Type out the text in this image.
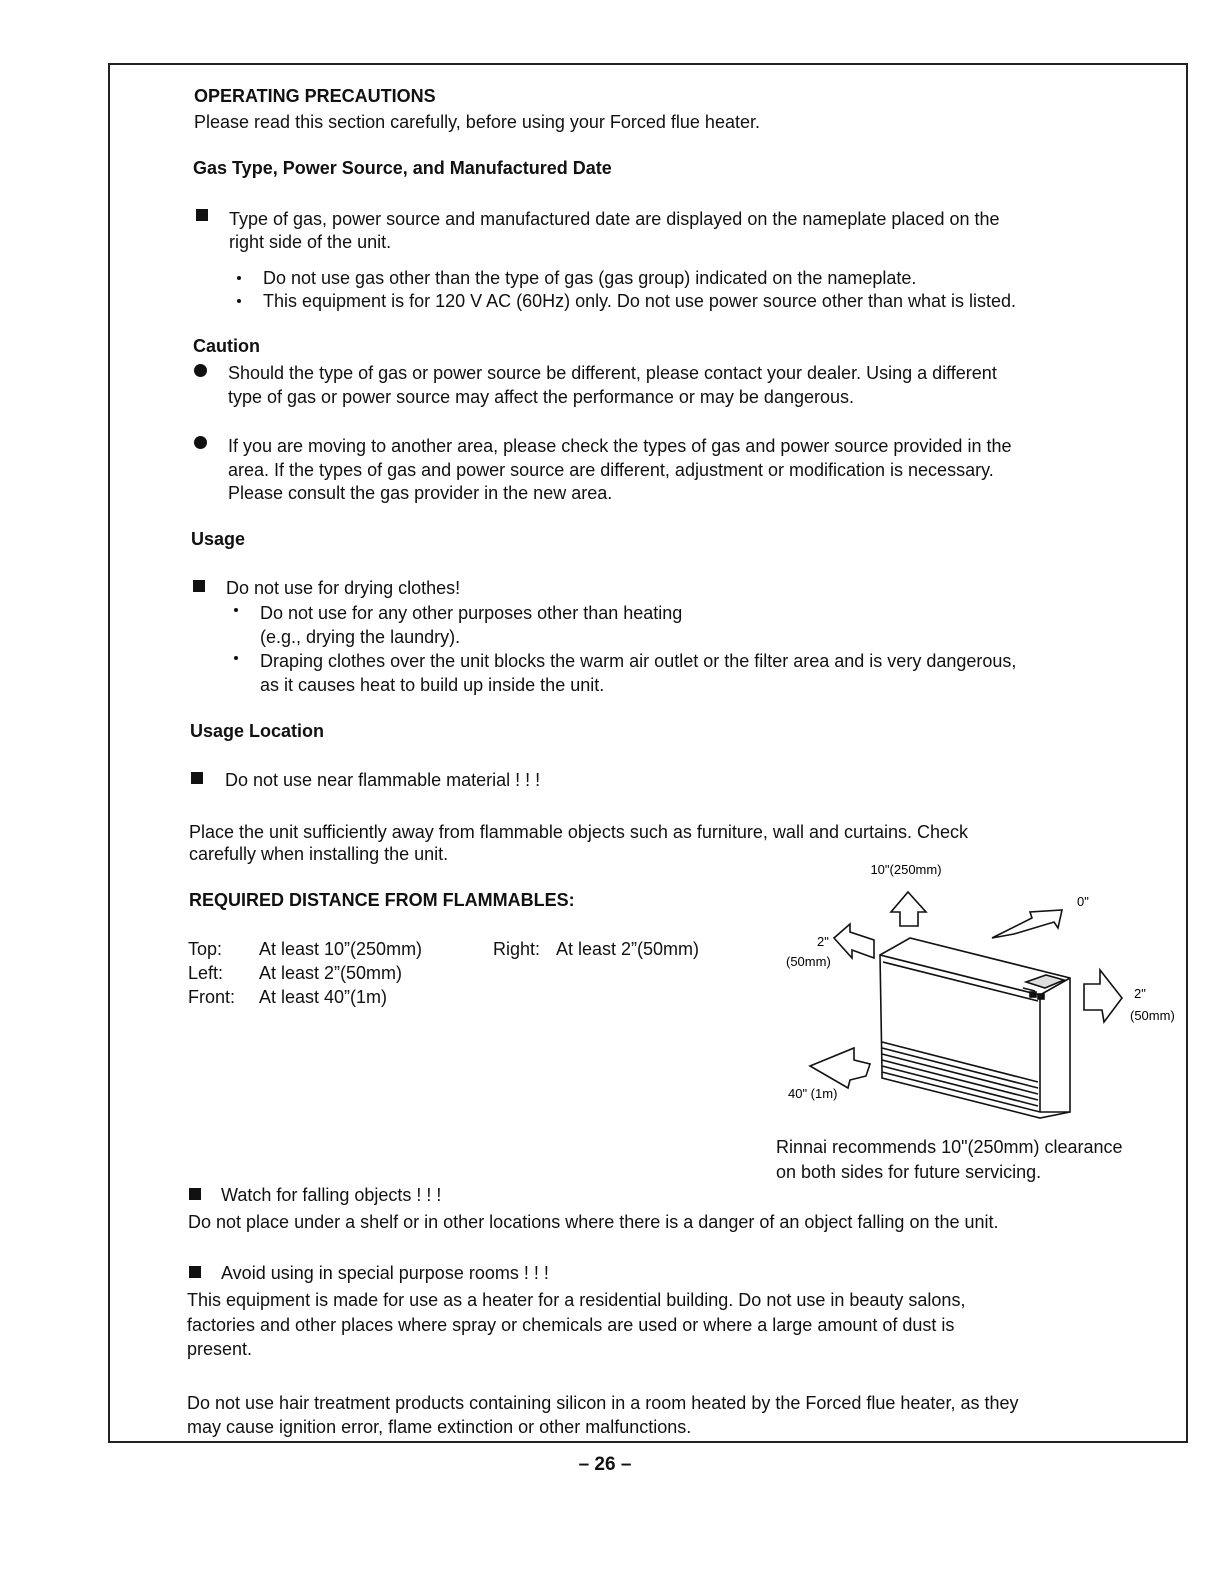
OPERATING PRECAUTIONS
Please read this section carefully, before using your Forced flue heater.
Gas Type, Power Source, and Manufactured Date
Type of gas, power source and manufactured date are displayed on the nameplate placed on the
right side of the unit.
Do not use gas other than the type of gas (gas group) indicated on the nameplate.
This equipment is for 120 V AC (60Hz) only. Do not use power source other than what is listed.
Caution
Should the type of gas or power source be different, please contact your dealer. Using a different
type of gas or power source may affect the performance or may be dangerous.
If you are moving to another area, please check the types of gas and power source provided in the
area. If the types of gas and power source are different, adjustment or modification is necessary.
Please consult the gas provider in the new area.
Usage
Do not use for drying clothes!
Do not use for any other purposes other than heating
(e.g., drying the laundry).
Draping clothes over the unit blocks the warm air outlet or the filter area and is very dangerous,
as it causes heat to build up inside the unit.
Usage Location
Do not use near flammable material ! ! !
Place the unit sufficiently away from flammable objects such as furniture, wall and curtains. Check
carefully when installing the unit.
REQUIRED DISTANCE FROM FLAMMABLES:
Top: At least 10”(250mm)	Right: At least 2”(50mm)
Left: At least 2”(50mm)
Front: At least 40”(1m)
10"(250mm)
0"
2"
(50mm)
2"
(50mm)
40" (1m)
Rinnai recommends 10"(250mm) clearance
on both sides for future servicing.
Watch for falling objects ! ! !
Do not place under a shelf or in other locations where there is a danger of an object falling on the unit.
Avoid using in special purpose rooms ! ! !
This equipment is made for use as a heater for a residential building. Do not use in beauty salons,
factories and other places where spray or chemicals are used or where a large amount of dust is
present.
Do not use hair treatment products containing silicon in a room heated by the Forced flue heater, as they
may cause ignition error, flame extinction or other malfunctions.
– 26 –
